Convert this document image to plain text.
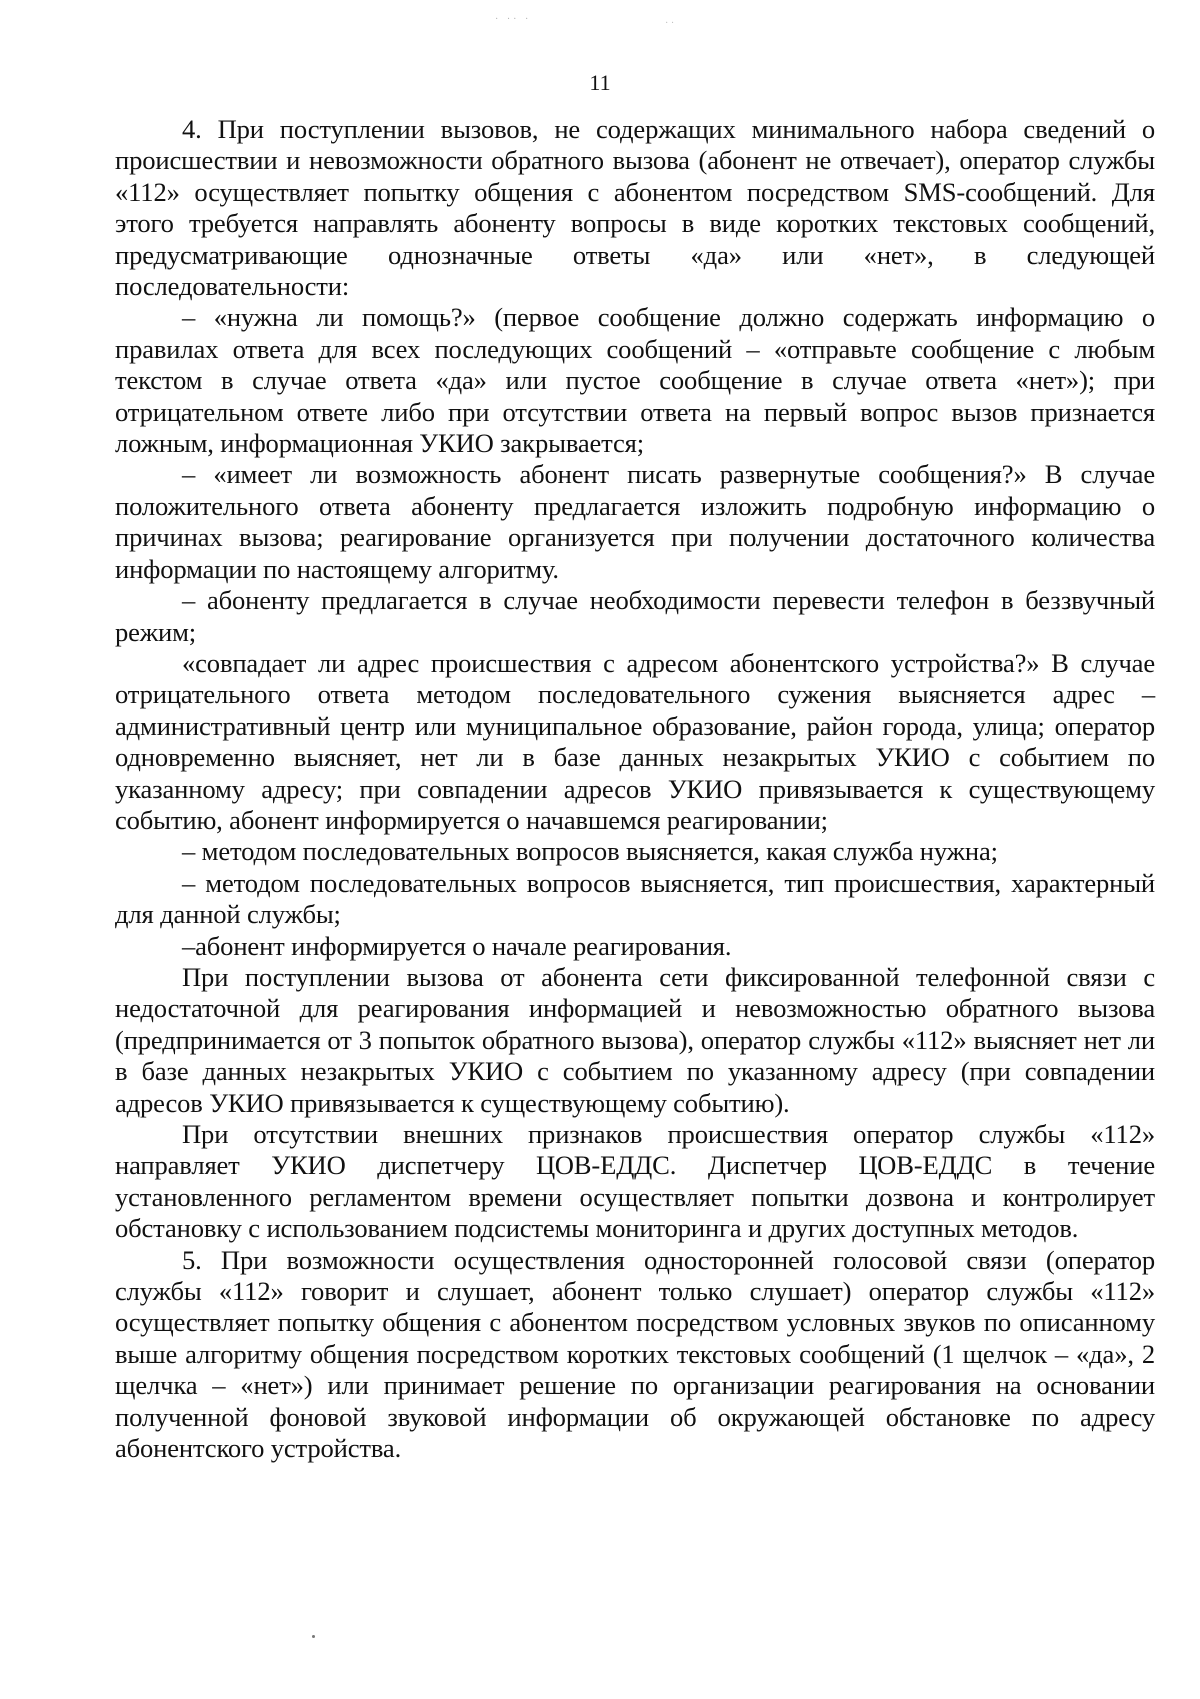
· ·· ·	· ·
11

4. При поступлении вызовов, не содержащих минимального набора сведений о происшествии и невозможности обратного вызова (абонент не отвечает), оператор службы «112» осуществляет попытку общения с абонентом посредством SMS-сообщений. Для этого требуется направлять абоненту вопросы в виде коротких текстовых сообщений, предусматривающие однозначные ответы «да» или «нет», в следующей последовательности:

– «нужна ли помощь?» (первое сообщение должно содержать информацию о правилах ответа для всех последующих сообщений – «отправьте сообщение с любым текстом в случае ответа «да» или пустое сообщение в случае ответа «нет»); при отрицательном ответе либо при отсутствии ответа на первый вопрос вызов признается ложным, информационная УКИО закрывается;

– «имеет ли возможность абонент писать развернутые сообщения?» В случае положительного ответа абоненту предлагается изложить подробную информацию о причинах вызова; реагирование организуется при получении достаточного количества информации по настоящему алгоритму.

– абоненту предлагается в случае необходимости перевести телефон в беззвучный режим;

«совпадает ли адрес происшествия с адресом абонентского устройства?» В случае отрицательного ответа методом последовательного сужения выясняется адрес – административный центр или муниципальное образование, район города, улица; оператор одновременно выясняет, нет ли в базе данных незакрытых УКИО с событием по указанному адресу; при совпадении адресов УКИО привязывается к существующему событию, абонент информируется о начавшемся реагировании;

– методом последовательных вопросов выясняется, какая служба нужна;

– методом последовательных вопросов выясняется, тип происшествия, характерный для данной службы;

–абонент информируется о начале реагирования.

При поступлении вызова от абонента сети фиксированной телефонной связи с недостаточной для реагирования информацией и невозможностью обратного вызова (предпринимается от 3 попыток обратного вызова), оператор службы «112» выясняет нет ли в базе данных незакрытых УКИО с событием по указанному адресу (при совпадении адресов УКИО привязывается к существующему событию).

При отсутствии внешних признаков происшествия оператор службы «112» направляет УКИО диспетчеру ЦОВ-ЕДДС. Диспетчер ЦОВ-ЕДДС в течение установленного регламентом времени осуществляет попытки дозвона и контролирует обстановку с использованием подсистемы мониторинга и других доступных методов.

5. При возможности осуществления односторонней голосовой связи (оператор службы «112» говорит и слушает, абонент только слушает) оператор службы «112» осуществляет попытку общения с абонентом посредством условных звуков по описанному выше алгоритму общения посредством коротких текстовых сообщений (1 щелчок – «да», 2 щелчка – «нет») или принимает решение по организации реагирования на основании полученной фоновой звуковой информации об окружающей обстановке по адресу абонентского устройства.
